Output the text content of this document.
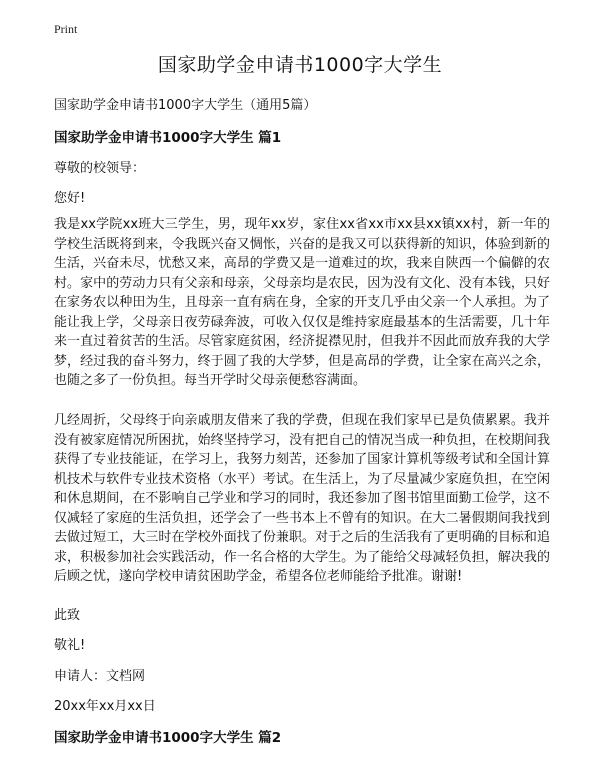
Print
国家助学金申请书1000字大学生

国家助学金申请书1000字大学生（通用5篇）

国家助学金申请书1000字大学生 篇1

尊敬的校领导：

您好!

我是xx学院xx班大三学生，男，现年xx岁，家住xx省xx市xx县xx镇xx村，新一年的学校生活既将到来，令我既兴奋又惆怅，兴奋的是我又可以获得新的知识，体验到新的生活，兴奋未尽，忧愁又来，高昂的学费又是一道难过的坎，我来自陕西一个偏僻的农村。家中的劳动力只有父亲和母亲，父母亲均是农民，因为没有文化、没有本钱，只好在家务农以种田为生，且母亲一直有病在身，全家的开支几乎由父亲一个人承担。为了能让我上学，父母亲日夜劳碌奔波，可收入仅仅是维持家庭最基本的生活需要，几十年来一直过着贫苦的生活。尽管家庭贫困，经济捉襟见肘，但我并不因此而放弃我的大学梦，经过我的奋斗努力，终于圆了我的大学梦，但是高昂的学费，让全家在高兴之余，也随之多了一份负担。每当开学时父母亲便愁容满面。

几经周折，父母终于向亲戚朋友借来了我的学费，但现在我们家早已是负债累累。我并没有被家庭情况所困扰，始终坚持学习，没有把自己的情况当成一种负担，在校期间我获得了专业技能证，在学习上，我努力刻苦，还参加了国家计算机等级考试和全国计算机技术与软件专业技术资格（水平）考试。在生活上，为了尽量减少家庭负担，在空闲和休息期间，在不影响自己学业和学习的同时，我还参加了图书馆里面勤工俭学，这不仅减轻了家庭的生活负担，还学会了一些书本上不曾有的知识。在大二暑假期间我找到去做过短工，大三时在学校外面找了份兼职。对于之后的生活我有了更明确的目标和追求，积极参加社会实践活动，作一名合格的大学生。为了能给父母减轻负担，解决我的后顾之忧，遂向学校申请贫困助学金，希望各位老师能给予批准。谢谢!

此致

敬礼!

申请人：文档网

20xx年xx月xx日

国家助学金申请书1000字大学生 篇2
